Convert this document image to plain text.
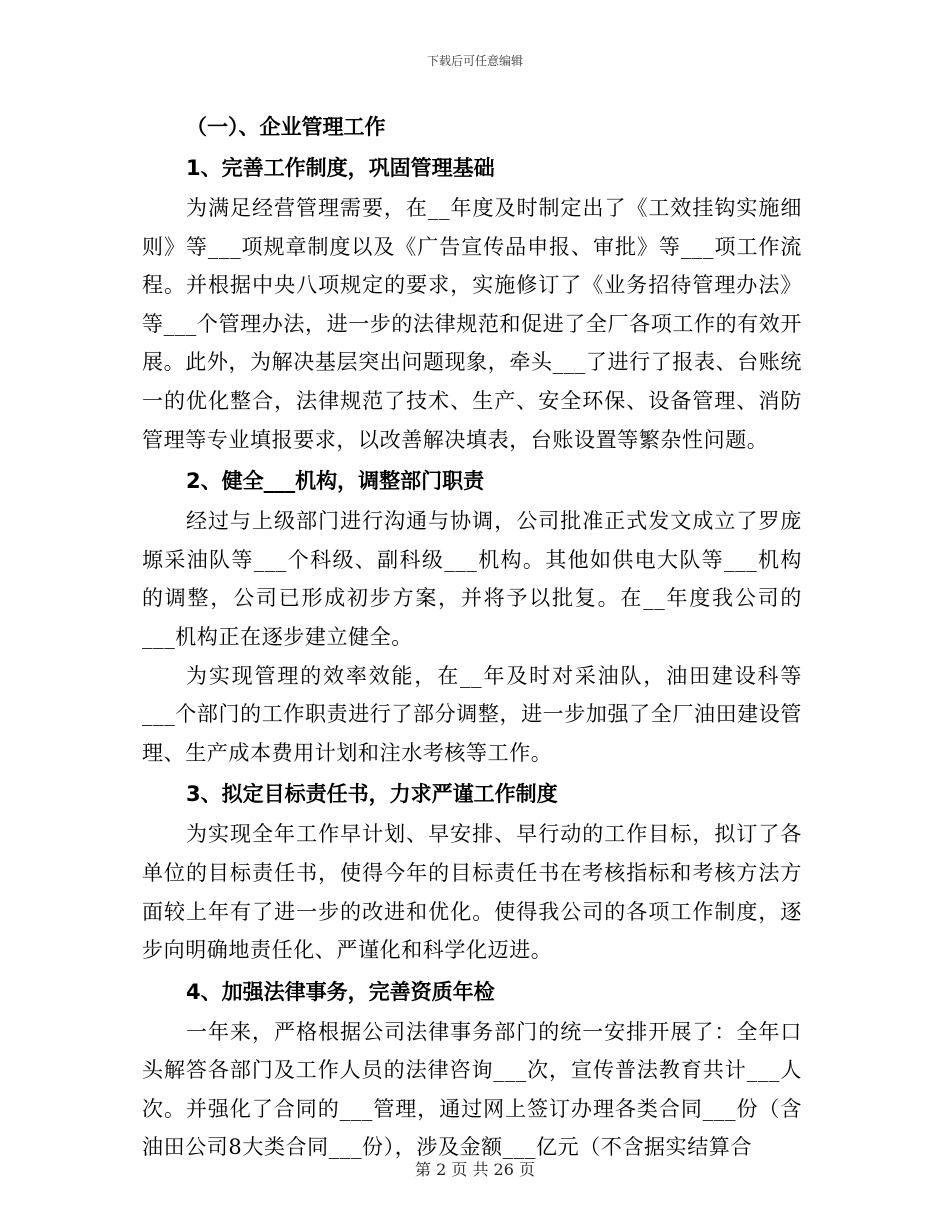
下载后可任意编辑
（一）、企业管理工作
1、完善工作制度，巩固管理基础

为满足经营管理需要，在__年度及时制定出了《工效挂钩实施细则》等___项规章制度以及《广告宣传品申报、审批》等___项工作流程。并根据中央八项规定的要求，实施修订了《业务招待管理办法》等___个管理办法，进一步的法律规范和促进了全厂各项工作的有效开展。此外，为解决基层突出问题现象，牵头___了进行了报表、台账统一的优化整合，法律规范了技术、生产、安全环保、设备管理、消防管理等专业填报要求，以改善解决填表，台账设置等繁杂性问题。

2、健全___机构，调整部门职责

经过与上级部门进行沟通与协调，公司批准正式发文成立了罗庞塬采油队等___个科级、副科级___机构。其他如供电大队等___机构的调整，公司已形成初步方案，并将予以批复。在__年度我公司的___机构正在逐步建立健全。

为实现管理的效率效能，在__年及时对采油队，油田建设科等___个部门的工作职责进行了部分调整，进一步加强了全厂油田建设管理、生产成本费用计划和注水考核等工作。

3、拟定目标责任书，力求严谨工作制度

为实现全年工作早计划、早安排、早行动的工作目标，拟订了各单位的目标责任书，使得今年的目标责任书在考核指标和考核方法方面较上年有了进一步的改进和优化。使得我公司的各项工作制度，逐步向明确地责任化、严谨化和科学化迈进。

4、加强法律事务，完善资质年检

一年来，严格根据公司法律事务部门的统一安排开展了：全年口头解答各部门及工作人员的法律咨询___次，宣传普法教育共计___人次。并强化了合同的___管理，通过网上签订办理各类合同___份（含油田公司8大类合同___份），涉及金额___亿元（不含据实结算合

第 2 页 共 26 页
